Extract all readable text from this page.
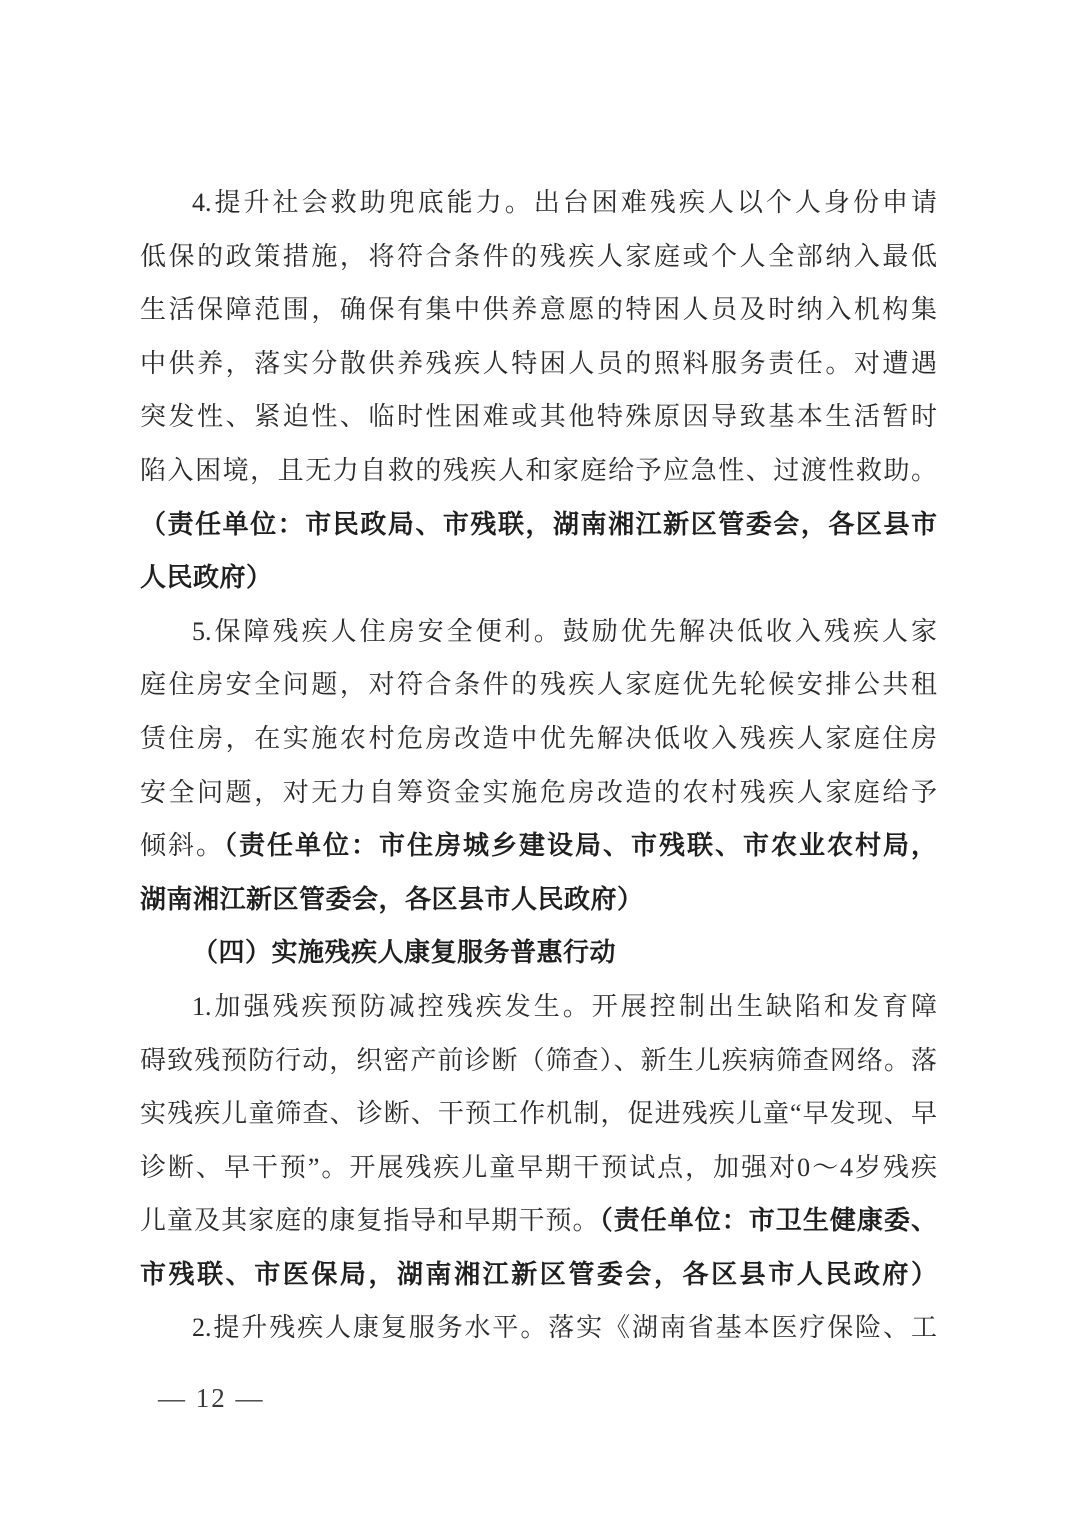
4.提升社会救助兜底能力。出台困难残疾人以个人身份申请
低保的政策措施，将符合条件的残疾人家庭或个人全部纳入最低
生活保障范围，确保有集中供养意愿的特困人员及时纳入机构集
中供养，落实分散供养残疾人特困人员的照料服务责任。对遭遇
突发性、紧迫性、临时性困难或其他特殊原因导致基本生活暂时
陷入困境，且无力自救的残疾人和家庭给予应急性、过渡性救助。
（责任单位：市民政局、市残联，湖南湘江新区管委会，各区县市
人民政府）
5.保障残疾人住房安全便利。鼓励优先解决低收入残疾人家
庭住房安全问题，对符合条件的残疾人家庭优先轮候安排公共租
赁住房，在实施农村危房改造中优先解决低收入残疾人家庭住房
安全问题，对无力自筹资金实施危房改造的农村残疾人家庭给予
倾斜。（责任单位：市住房城乡建设局、市残联、市农业农村局，
湖南湘江新区管委会，各区县市人民政府）
（四）实施残疾人康复服务普惠行动
1.加强残疾预防减控残疾发生。开展控制出生缺陷和发育障
碍致残预防行动，织密产前诊断（筛查）、新生儿疾病筛查网络。落
实残疾儿童筛查、诊断、干预工作机制，促进残疾儿童“早发现、早
诊断、早干预”。开展残疾儿童早期干预试点，加强对0～4岁残疾
儿童及其家庭的康复指导和早期干预。（责任单位：市卫生健康委、
市残联、市医保局，湖南湘江新区管委会，各区县市人民政府）
2.提升残疾人康复服务水平。落实《湖南省基本医疗保险、工
— 12 —
